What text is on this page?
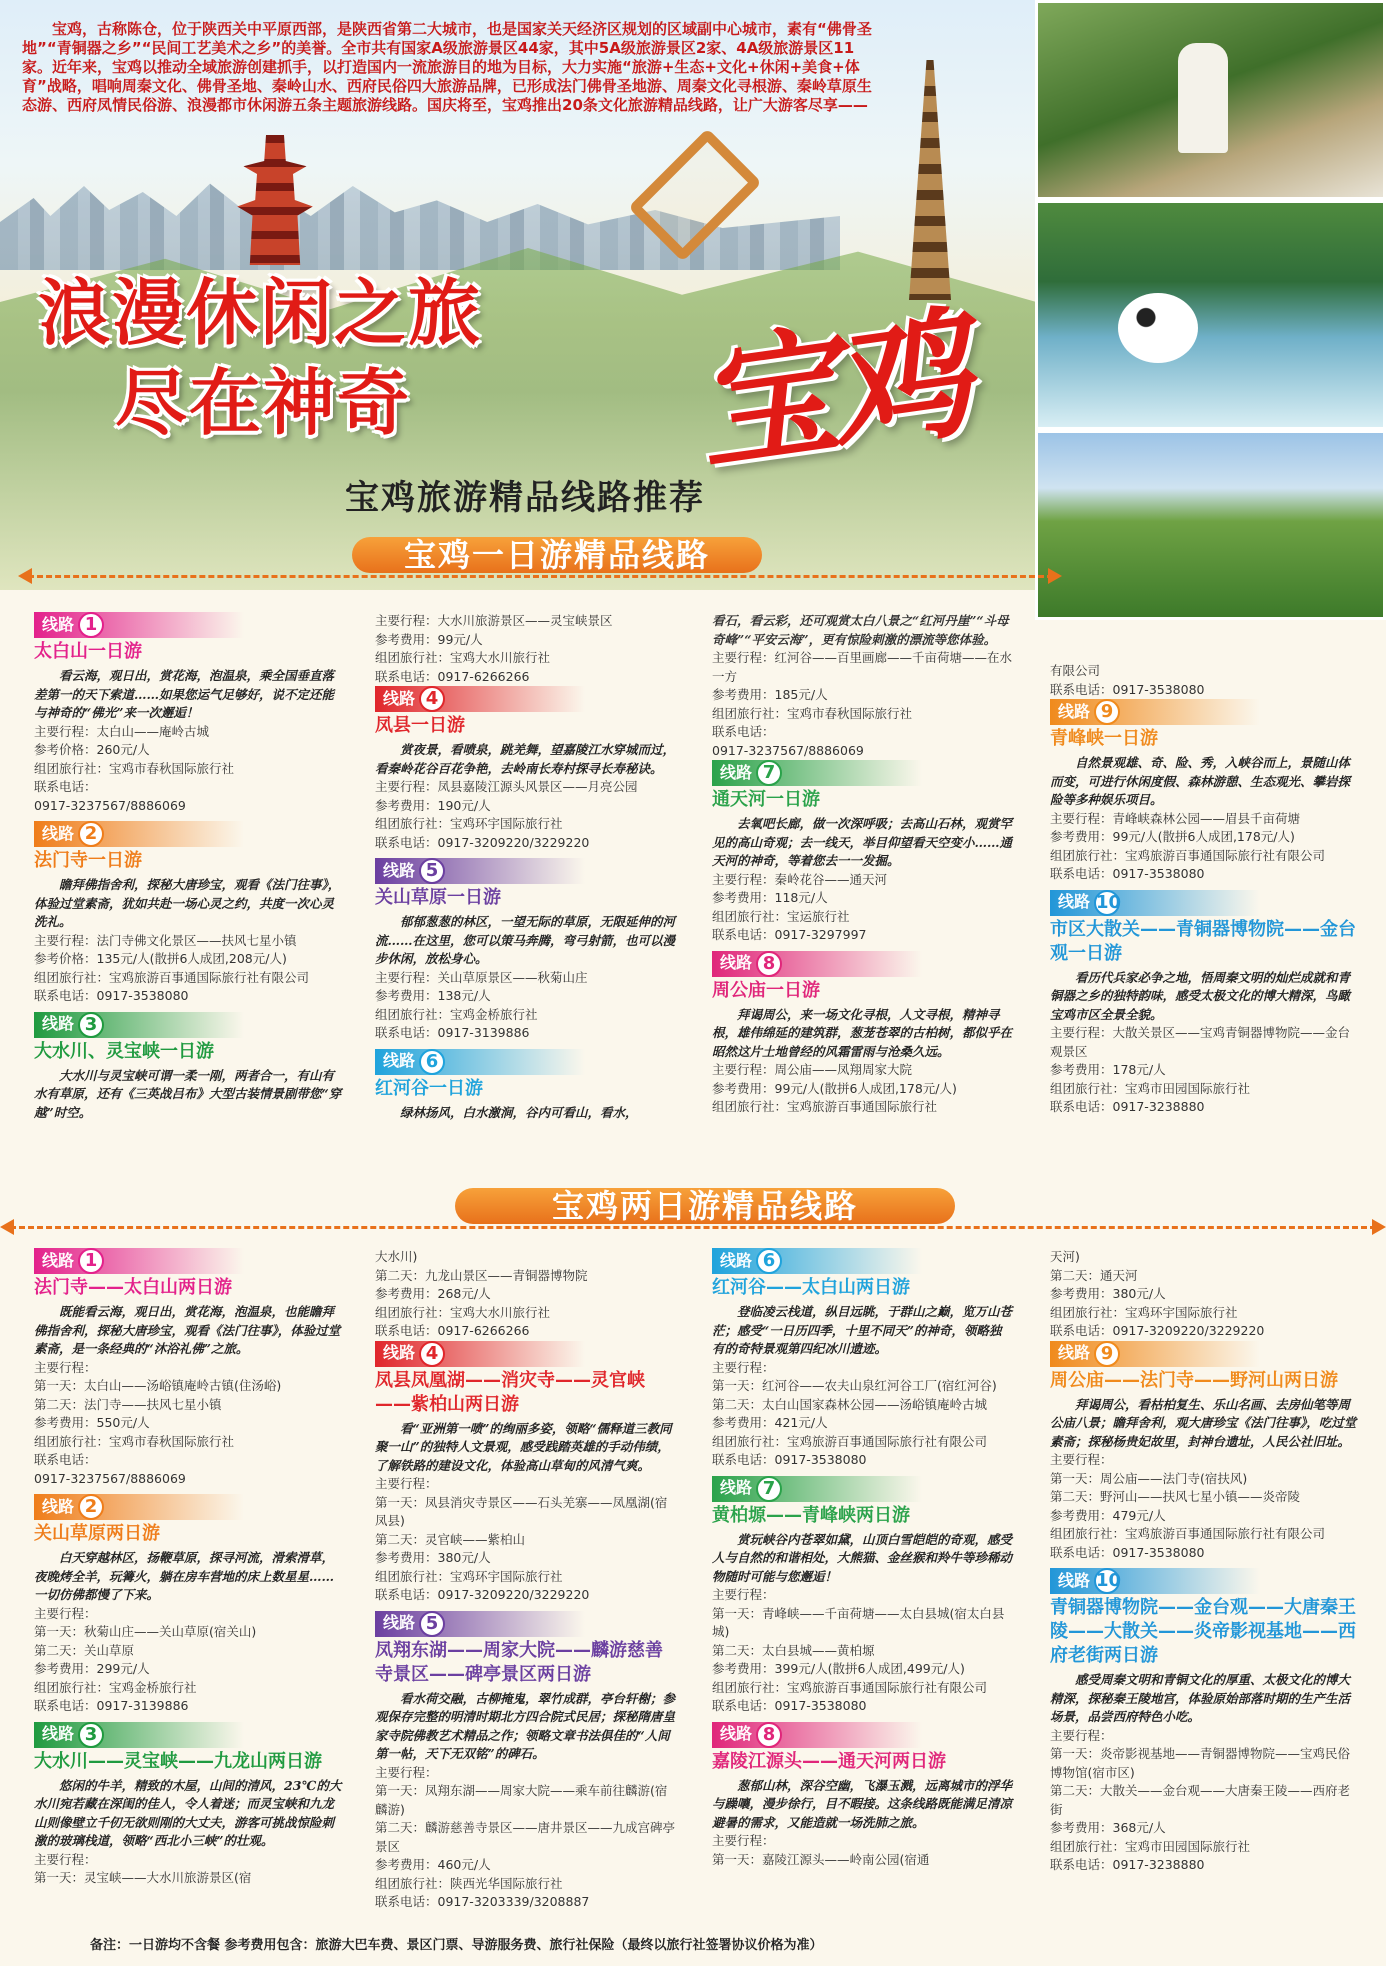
宝鸡，古称陈仓，位于陕西关中平原西部，是陕西省第二大城市，也是国家关天经济区规划的区域副中心城市，素有“佛骨圣地”“青铜器之乡”“民间工艺美术之乡”的美誉。全市共有国家A级旅游景区44家，其中5A级旅游景区2家、4A级旅游景区11家。近年来，宝鸡以推动全域旅游创建抓手，以打造国内一流旅游目的地为目标，大力实施“旅游+生态+文化+休闲+美食+体育”战略，唱响周秦文化、佛骨圣地、秦岭山水、西府民俗四大旅游品牌，已形成法门佛骨圣地游、周秦文化寻根游、秦岭草原生态游、西府凤情民俗游、浪漫都市休闲游五条主题旅游线路。国庆将至，宝鸡推出20条文化旅游精品线路，让广大游客尽享——
浪漫休闲之旅
尽在神奇 宝鸡
宝鸡旅游精品线路推荐
宝鸡一日游精品线路
宝鸡两日游精品线路
线路 1
太白山一日游
看云海，观日出，赏花海，泡温泉，乘全国垂直落差第一的天下索道……如果您运气足够好，说不定还能与神奇的“佛光”来一次邂逅！
主要行程：太白山——庵岭古城
参考价格：260元/人
组团旅行社：宝鸡市春秋国际旅行社
联系电话：
0917-3237567/8886069
线路 2
法门寺一日游
瞻拜佛指舍利，探秘大唐珍宝，观看《法门往事》，体验过堂素斋，犹如共赴一场心灵之约，共度一次心灵洗礼。
主要行程：法门寺佛文化景区——扶风七星小镇
参考价格：135元/人(散拼6人成团,208元/人)
组团旅行社：宝鸡旅游百事通国际旅行社有限公司
联系电话：0917-3538080
线路 3
大水川、灵宝峡一日游
大水川与灵宝峡可谓一柔一刚，两者合一，有山有水有草原，还有《三英战吕布》大型古装情景剧带您“穿越”时空。
主要行程：大水川旅游景区——灵宝峡景区
参考费用：99元/人
组团旅行社：宝鸡大水川旅行社
联系电话：0917-6266266
线路 4
凤县一日游
赏夜景，看喷泉，跳羌舞，望嘉陵江水穿城而过，看秦岭花谷百花争艳，去岭南长寿村探寻长寿秘诀。
主要行程：凤县嘉陵江源头风景区——月亮公园
参考费用：190元/人
组团旅行社：宝鸡环宇国际旅行社
联系电话：0917-3209220/3229220
线路 5
关山草原一日游
郁郁葱葱的林区，一望无际的草原，无限延伸的河流……在这里，您可以策马奔腾，弯弓射箭，也可以漫步休闲，放松身心。
主要行程：关山草原景区——秋菊山庄
参考费用：138元/人
组团旅行社：宝鸡金桥旅行社
联系电话：0917-3139886
线路 6
红河谷一日游
绿林扬风，白水激涧，谷内可看山，看水，
看石，看云彩，还可观赏太白八景之“红河丹崖”“斗母奇峰”“平安云海”，更有惊险刺激的漂流等您体验。
主要行程：红河谷——百里画廊——千亩荷塘——在水一方
参考费用：185元/人
组团旅行社：宝鸡市春秋国际旅行社
联系电话：
0917-3237567/8886069
线路 7
通天河一日游
去氧吧长廊，做一次深呼吸；去高山石林，观赏罕见的高山奇观；去一线天，举目仰望看天空变小……通天河的神奇，等着您去一一发掘。
主要行程：秦岭花谷——通天河
参考费用：118元/人
组团旅行社：宝运旅行社
联系电话：0917-3297997
线路 8
周公庙一日游
拜谒周公，来一场文化寻根，人文寻根，精神寻根，雄伟绵延的建筑群，葱茏苍翠的古柏树，都似乎在昭然这片土地曾经的风霜雷雨与沧桑久远。
主要行程：周公庙——凤翔周家大院
参考费用：99元/人(散拼6人成团,178元/人)
组团旅行社：宝鸡旅游百事通国际旅行社
有限公司
联系电话：0917-3538080
线路 9
青峰峡一日游
自然景观雄、奇、险、秀，入峡谷而上，景随山体而变，可进行休闲度假、森林游憩、生态观光、攀岩探险等多种娱乐项目。
主要行程：青峰峡森林公园——眉县千亩荷塘
参考费用：99元/人(散拼6人成团,178元/人)
组团旅行社：宝鸡旅游百事通国际旅行社有限公司
联系电话：0917-3538080
线路 10
市区大散关——青铜器博物院——金台观一日游
看历代兵家必争之地，悟周秦文明的灿烂成就和青铜器之乡的独特韵味，感受太极文化的博大精深，鸟瞰宝鸡市区全景全貌。
主要行程：大散关景区——宝鸡青铜器博物院——金台观景区
参考费用：178元/人
组团旅行社：宝鸡市田园国际旅行社
联系电话：0917-3238880
线路 1
法门寺——太白山两日游
既能看云海，观日出，赏花海，泡温泉，也能瞻拜佛指舍利，探秘大唐珍宝，观看《法门往事》，体验过堂素斋，是一条经典的“沐浴礼佛”之旅。
主要行程：
第一天：太白山——汤峪镇庵岭古镇(住汤峪)
第二天：法门寺——扶风七星小镇
参考费用：550元/人
组团旅行社：宝鸡市春秋国际旅行社
联系电话：
0917-3237567/8886069
线路 2
关山草原两日游
白天穿越林区，扬鞭草原，探寻河流，滑索滑草，夜晚烤全羊，玩篝火，躺在房车营地的床上数星星……一切仿佛都慢了下来。
主要行程：
第一天：秋菊山庄——关山草原(宿关山)
第二天：关山草原
参考费用：299元/人
组团旅行社：宝鸡金桥旅行社
联系电话：0917-3139886
线路 3
大水川——灵宝峡——九龙山两日游
悠闲的牛羊，精致的木屋，山间的清风，23℃的大水川宛若藏在深闺的佳人，令人着迷；而灵宝峡和九龙山则像壁立千仞无欲则刚的大丈夫，游客可挑战惊险刺激的玻璃栈道，领略“西北小三峡”的壮观。
主要行程：
第一天：灵宝峡——大水川旅游景区(宿
大水川)
第二天：九龙山景区——青铜器博物院
参考费用：268元/人
组团旅行社：宝鸡大水川旅行社
联系电话：0917-6266266
线路 4
凤县凤凰湖——消灾寺——灵官峡——紫柏山两日游
看“亚洲第一喷”的绚丽多姿，领略“儒释道三教同聚一山”的独特人文景观，感受践踏英雄的手动伟绩，了解铁路的建设文化，体验高山草甸的风清气爽。
主要行程：
第一天：凤县消灾寺景区——石头羌寨——凤凰湖(宿凤县)
第二天：灵官峡——紫柏山
参考费用：380元/人
组团旅行社：宝鸡环宇国际旅行社
联系电话：0917-3209220/3229220
线路 5
凤翔东湖——周家大院——麟游慈善寺景区——碑亭景区两日游
看水荷交融，古柳掩鬼，翠竹成群，亭台轩榭；参观保存完整的明清时期北方四合院式民居；探秘隋唐皇家寺院佛教艺术精品之作；领略文章书法俱佳的“人间第一帖，天下无双铭”的碑石。
主要行程：
第一天：凤翔东湖——周家大院——乘车前往麟游(宿麟游)
第二天：麟游慈善寺景区——唐井景区——九成宫碑亭景区
参考费用：460元/人
组团旅行社：陕西光华国际旅行社
联系电话：0917-3203339/3208887
线路 6
红河谷——太白山两日游
登临凌云栈道，纵目远眺，于群山之巅，览万山苍茫；感受“一日历四季，十里不同天”的神奇，领略独有的奇特景观第四纪冰川遗迹。
主要行程：
第一天：红河谷——农夫山泉红河谷工厂(宿红河谷)
第二天：太白山国家森林公园——汤峪镇庵岭古城
参考费用：421元/人
组团旅行社：宝鸡旅游百事通国际旅行社有限公司
联系电话：0917-3538080
线路 7
黄柏塬——青峰峡两日游
赏玩峡谷内苍翠如黛，山顶白雪皑皑的奇观，感受人与自然的和谐相处，大熊猫、金丝猴和羚牛等珍稀动物随时可能与您邂逅！
主要行程：
第一天：青峰峡——千亩荷塘——太白县城(宿太白县城)
第二天：太白县城——黄柏塬
参考费用：399元/人(散拼6人成团,499元/人)
组团旅行社：宝鸡旅游百事通国际旅行社有限公司
联系电话：0917-3538080
线路 8
嘉陵江源头——通天河两日游
葱郁山林，深谷空幽，飞瀑玉溅，远离城市的浮华与躁嚷，漫步徐行，目不暇接。这条线路既能满足清凉避暑的需求，又能造就一场洗肺之旅。
主要行程：
第一天：嘉陵江源头——岭南公园(宿通
天河)
第二天：通天河
参考费用：380元/人
组团旅行社：宝鸡环宇国际旅行社
联系电话：0917-3209220/3229220
线路 9
周公庙——法门寺——野河山两日游
拜谒周公，看枯柏复生、乐山名画、去房仙笔等周公庙八景；瞻拜舍利，观大唐珍宝《法门往事》，吃过堂素斋；探秘杨贵妃故里，封神台遗址，人民公社旧址。
主要行程：
第一天：周公庙——法门寺(宿扶风)
第二天：野河山——扶风七星小镇——炎帝陵
参考费用：479元/人
组团旅行社：宝鸡旅游百事通国际旅行社有限公司
联系电话：0917-3538080
线路 10
青铜器博物院——金台观——大唐秦王陵——大散关——炎帝影视基地——西府老街两日游
感受周秦文明和青铜文化的厚重、太极文化的博大精深，探秘秦王陵地宫，体验原始部落时期的生产生活场景，品尝西府特色小吃。
主要行程：
第一天：炎帝影视基地——青铜器博物院——宝鸡民俗博物馆(宿市区)
第二天：大散关——金台观——大唐秦王陵——西府老街
参考费用：368元/人
组团旅行社：宝鸡市田园国际旅行社
联系电话：0917-3238880
备注：一日游均不含餐 参考费用包含：旅游大巴车费、景区门票、导游服务费、旅行社保险（最终以旅行社签署协议价格为准）
